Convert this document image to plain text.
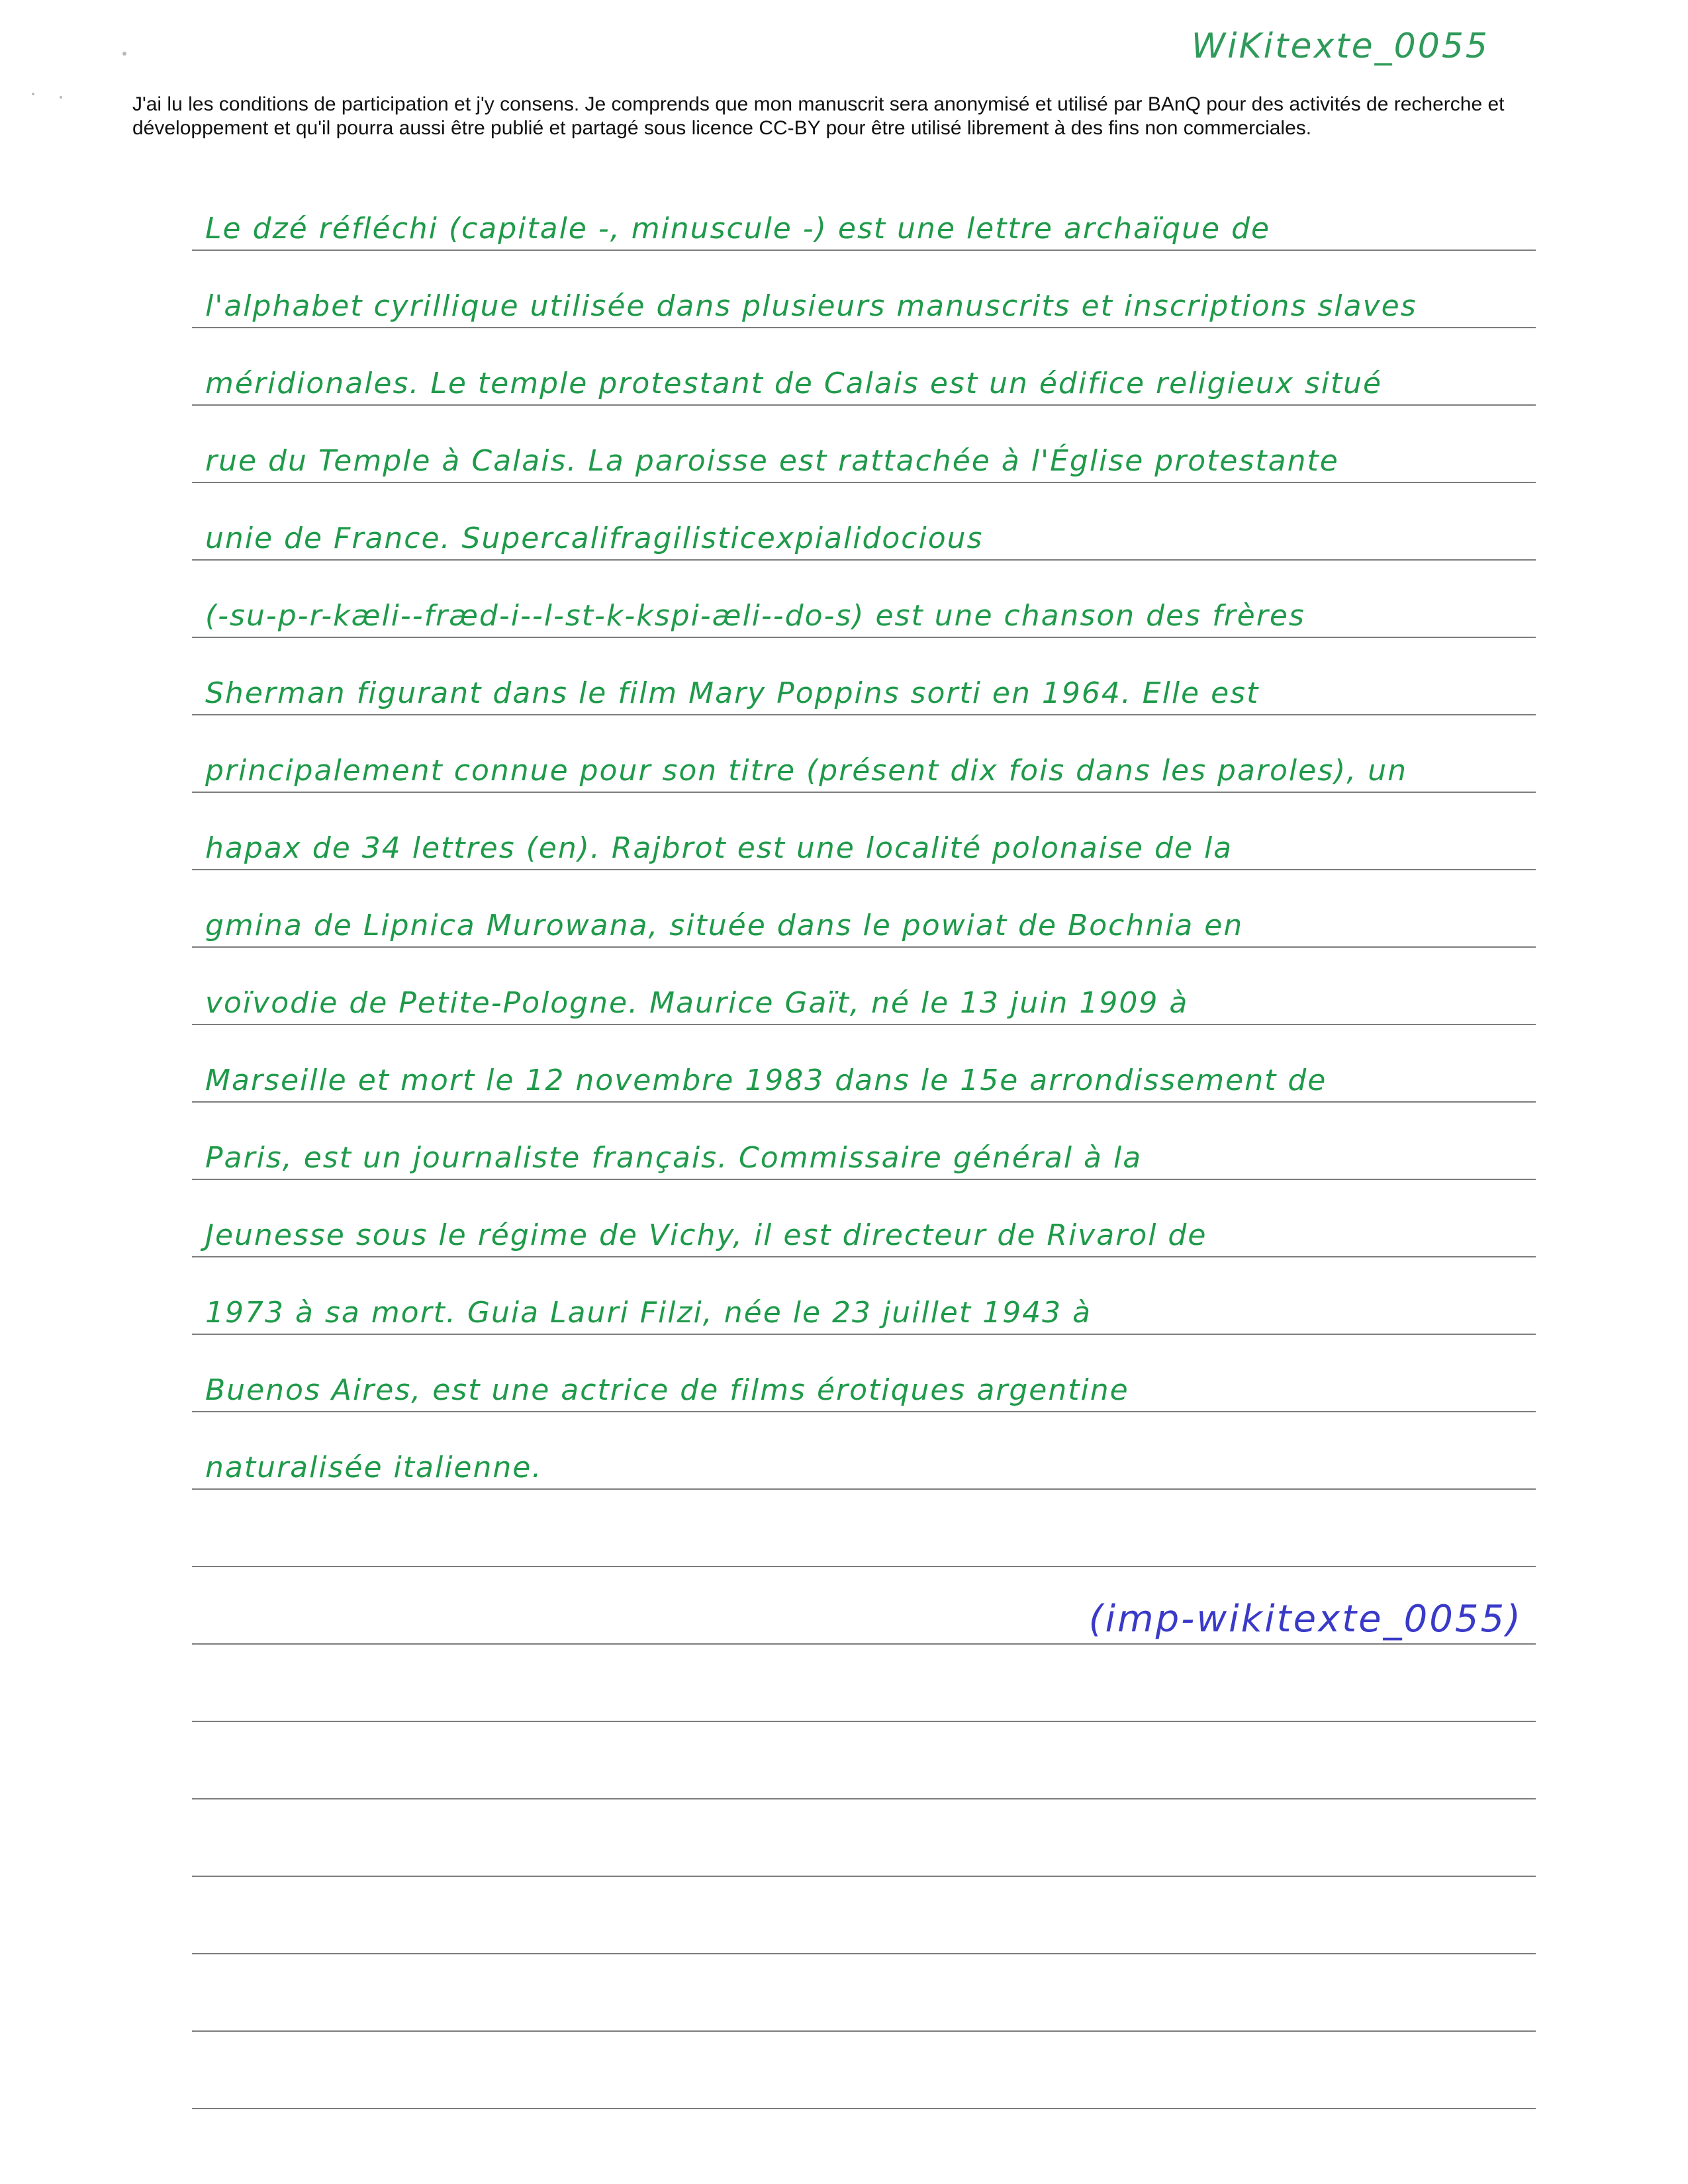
WiKitexte_0055
J'ai lu les conditions de participation et j'y consens. Je comprends que mon manuscrit sera anonymisé et utilisé par BAnQ pour des activités de recherche et développement et qu'il pourra aussi être publié et partagé sous licence CC-BY pour être utilisé librement à des fins non commerciales.
Le dzé réfléchi (capitale -, minuscule -) est une lettre archaïque de
l'alphabet cyrillique utilisée dans plusieurs manuscrits et inscriptions slaves
méridionales. Le temple protestant de Calais est un édifice religieux situé
rue du Temple à Calais. La paroisse est rattachée à l'Église protestante
unie de France. Supercalifragilisticexpialidocious
(-su-p-r-kæli--fræd-i--l-st-k-kspi-æli--do-s) est une chanson des frères
Sherman figurant dans le film Mary Poppins sorti en 1964. Elle est
principalement connue pour son titre (présent dix fois dans les paroles), un
hapax de 34 lettres (en). Rajbrot est une localité polonaise de la
gmina de Lipnica Murowana, située dans le powiat de Bochnia en
voïvodie de Petite-Pologne. Maurice Gaït, né le 13 juin 1909 à
Marseille et mort le 12 novembre 1983 dans le 15e arrondissement de
Paris, est un journaliste français. Commissaire général à la
Jeunesse sous le régime de Vichy, il est directeur de Rivarol de
1973 à sa mort. Guia Lauri Filzi, née le 23 juillet 1943 à
Buenos Aires, est une actrice de films érotiques argentine
naturalisée italienne.
(imp-wikitexte_0055)
